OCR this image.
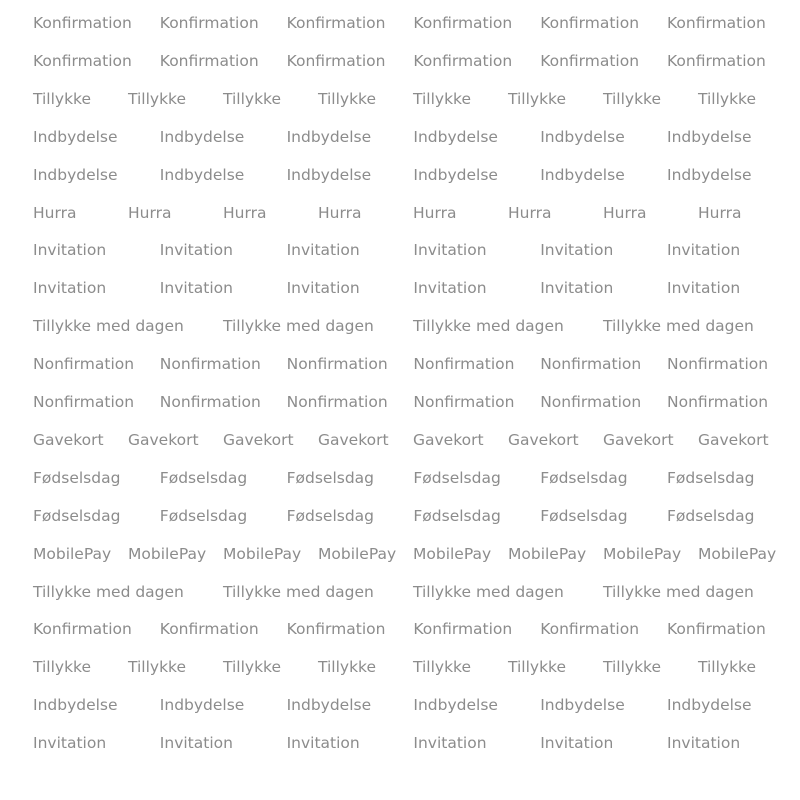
Konfirmation Konfirmation Konfirmation Konfirmation Konfirmation Konfirmation
Konfirmation Konfirmation Konfirmation Konfirmation Konfirmation Konfirmation
Tillykke Tillykke Tillykke Tillykke Tillykke Tillykke Tillykke Tillykke
Indbydelse	Indbydelse	Indbydelse	Indbydelse	Indbydelse	Indbydelse
Indbydelse	Indbydelse	Indbydelse	Indbydelse	Indbydelse	Indbydelse
Hurra	Hurra	Hurra	Hurra	Hurra	Hurra	Hurra	Hurra
Invitation	Invitation	Invitation	Invitation	Invitation	Invitation
Invitation	Invitation	Invitation	Invitation	Invitation	Invitation
Tillykke med dagen	Tillykke med dagen	Tillykke med dagen	Tillykke med dagen
Nonfirmation Nonfirmation Nonfirmation Nonfirmation Nonfirmation Nonfirmation
Nonfirmation Nonfirmation Nonfirmation Nonfirmation Nonfirmation Nonfirmation
Gavekort Gavekort Gavekort Gavekort Gavekort Gavekort Gavekort Gavekort
Fødselsdag	Fødselsdag	Fødselsdag	Fødselsdag	Fødselsdag	Fødselsdag
Fødselsdag	Fødselsdag	Fødselsdag	Fødselsdag	Fødselsdag	Fødselsdag
MobilePay MobilePay MobilePay MobilePay MobilePay MobilePay MobilePay MobilePay
Tillykke med dagen	Tillykke med dagen	Tillykke med dagen	Tillykke med dagen
Konfirmation Konfirmation Konfirmation Konfirmation Konfirmation Konfirmation
Tillykke Tillykke Tillykke Tillykke Tillykke Tillykke Tillykke Tillykke
Indbydelse	Indbydelse	Indbydelse	Indbydelse	Indbydelse	Indbydelse
Invitation	Invitation	Invitation	Invitation	Invitation	Invitation
